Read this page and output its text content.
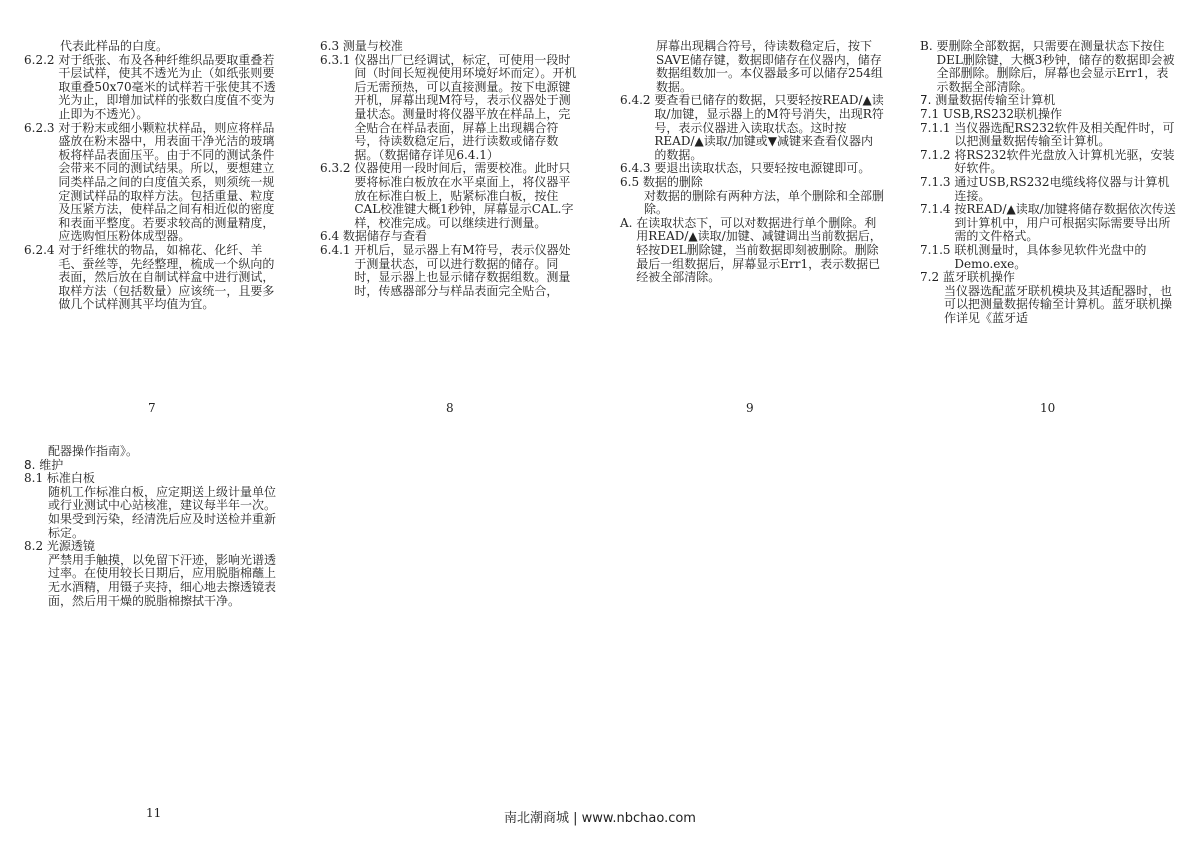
代表此样品的白度。

6.2.2 对于纸张、布及各种纤维织品要取重叠若干层试样，使其不透光为止（如纸张则要取重叠50x70毫米的试样若干张使其不透光为止，即增加试样的张数白度值不变为止即为不透光）。

6.2.3 对于粉末或细小颗粒状样品，则应将样品盛放在粉末器中，用表面干净光洁的玻璃板将样品表面压平。由于不同的测试条件会带来不同的测试结果。所以，要想建立同类样品之间的白度值关系，则须统一规定测试样品的取样方法。包括重量、粒度及压紧方法，使样品之间有相近似的密度和表面平整度。若要求较高的测量精度，应选购恒压粉体成型器。

6.2.4 对于纤维状的物品，如棉花、化纤、羊毛、蚕丝等，先经整理，梳成一个纵向的表面，然后放在自制试样盒中进行测试，取样方法（包括数量）应该统一，且要多做几个试样测其平均值为宜。

7

6.3 测量与校准

6.3.1 仪器出厂已经调试，标定，可使用一段时间（时间长短视使用环境好坏而定）。开机后无需预热，可以直接测量。按下电源键开机，屏幕出现M符号，表示仪器处于测量状态。测量时将仪器平放在样品上，完全贴合在样品表面，屏幕上出现耦合符号，待读数稳定后，进行读数或储存数据。（数据储存详见6.4.1）

6.3.2 仪器使用一段时间后，需要校准。此时只要将标准白板放在水平桌面上，将仪器平放在标准白板上，贴紧标准白板，按住CAL校准键大概1秒钟，屏幕显示CAL.字样，校准完成。可以继续进行测量。

6.4 数据储存与查看

6.4.1 开机后，显示器上有M符号，表示仪器处于测量状态，可以进行数据的储存。同时，显示器上也显示储存数据组数。测量时，传感器部分与样品表面完全贴合，

8

屏幕出现耦合符号，待读数稳定后，按下SAVE储存键，数据即储存在仪器内，储存数据组数加一。本仪器最多可以储存254组数据。

6.4.2 要查看已储存的数据，只要轻按READ/▲读取/加键，显示器上的M符号消失，出现R符号，表示仪器进入读取状态。这时按READ/▲读取/加键或▼减键来查看仪器内的数据。

6.4.3 要退出读取状态，只要轻按电源键即可。

6.5 数据的删除

对数据的删除有两种方法，单个删除和全部删除。

A. 在读取状态下，可以对数据进行单个删除。利用READ/▲读取/加键、减键调出当前数据后，轻按DEL删除键，当前数据即刻被删除。删除最后一组数据后，屏幕显示Err1，表示数据已经被全部清除。

9
B. 要删除全部数据，只需要在测量状态下按住DEL删除键，大概3秒钟，储存的数据即会被全部删除。删除后，屏幕也会显示Err1，表示数据全部清除。

7. 测量数据传输至计算机

7.1 USB,RS232联机操作

7.1.1 当仪器选配RS232软件及相关配件时，可以把测量数据传输至计算机。

7.1.2 将RS232软件光盘放入计算机光驱，安装好软件。

7.1.3 通过USB,RS232电缆线将仪器与计算机连接。

7.1.4 按READ/▲读取/加键将储存数据依次传送到计算机中，用户可根据实际需要导出所需的文件格式。

7.1.5 联机测量时，具体参见软件光盘中的Demo.exe。

7.2 蓝牙联机操作

当仪器选配蓝牙联机模块及其适配器时，也可以把测量数据传输至计算机。蓝牙联机操作详见《蓝牙适

10

配器操作指南》。

8. 维护

8.1 标准白板

随机工作标准白板，应定期送上级计量单位或行业测试中心站核准，建议每半年一次。如果受到污染，经清洗后应及时送检并重新标定。

8.2 光源透镜

严禁用手触摸，以免留下汗迹，影响光谱透过率。在使用较长日期后，应用脱脂棉蘸上无水酒精，用镊子夹持，细心地去擦透镜表面，然后用干燥的脱脂棉擦拭干净。

11	南北潮商城 | www.nbchao.com
